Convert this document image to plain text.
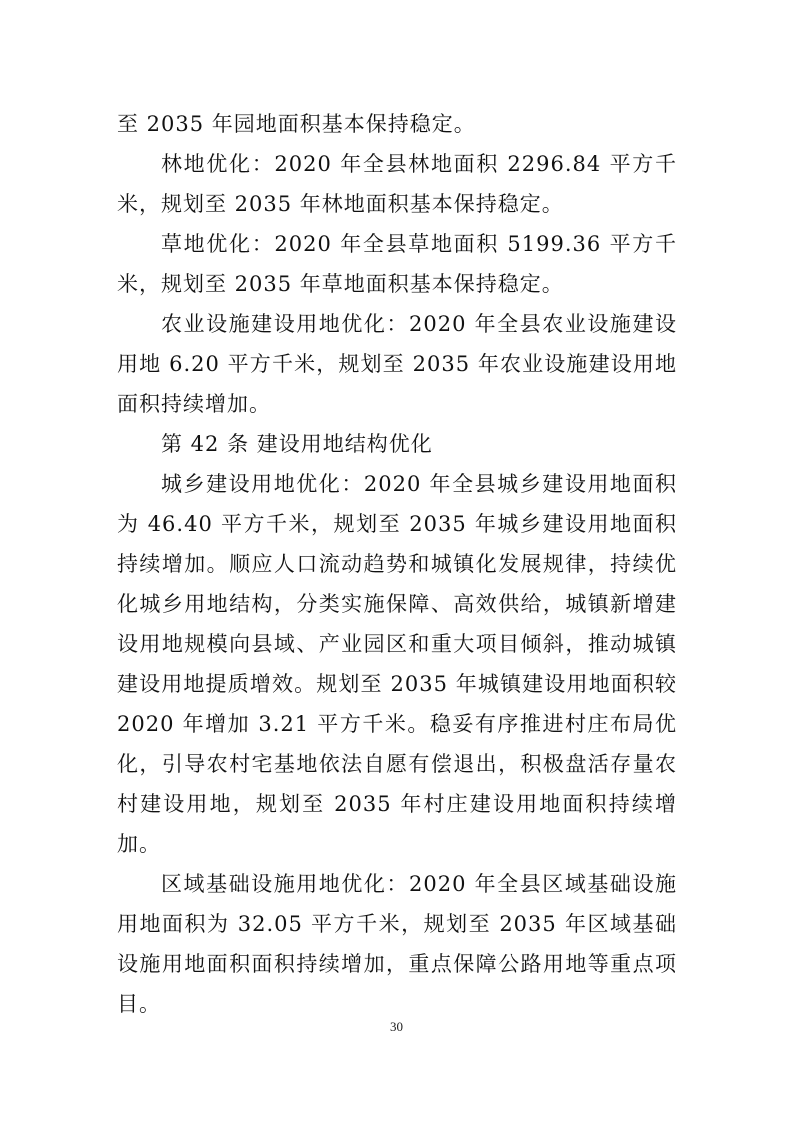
至 2035 年园地面积基本保持稳定。

林地优化：2020 年全县林地面积 2296.84 平方千米，规划至 2035 年林地面积基本保持稳定。

草地优化：2020 年全县草地面积 5199.36 平方千米，规划至 2035 年草地面积基本保持稳定。

农业设施建设用地优化：2020 年全县农业设施建设用地 6.20 平方千米，规划至 2035 年农业设施建设用地面积持续增加。

第 42 条 建设用地结构优化

城乡建设用地优化：2020 年全县城乡建设用地面积为 46.40 平方千米，规划至 2035 年城乡建设用地面积持续增加。顺应人口流动趋势和城镇化发展规律，持续优化城乡用地结构，分类实施保障、高效供给，城镇新增建设用地规模向县域、产业园区和重大项目倾斜，推动城镇建设用地提质增效。规划至 2035 年城镇建设用地面积较 2020 年增加 3.21 平方千米。稳妥有序推进村庄布局优化，引导农村宅基地依法自愿有偿退出，积极盘活存量农村建设用地，规划至 2035 年村庄建设用地面积持续增加。

区域基础设施用地优化：2020 年全县区域基础设施用地面积为 32.05 平方千米，规划至 2035 年区域基础设施用地面积面积持续增加，重点保障公路用地等重点项目。

30
